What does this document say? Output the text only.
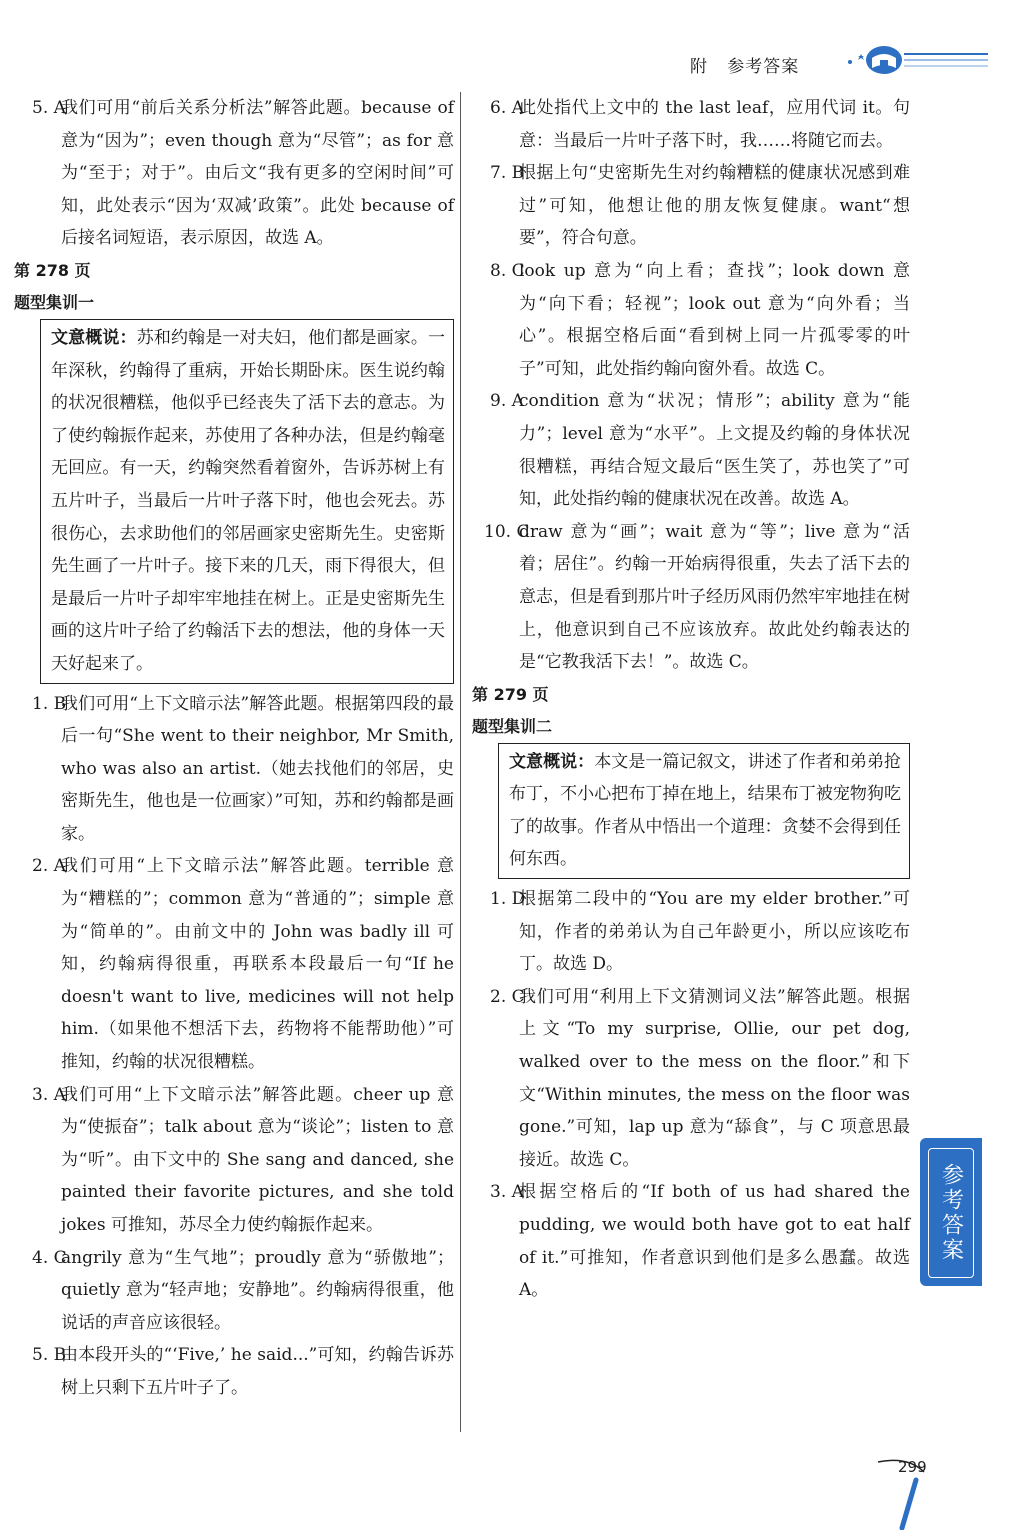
附 参考答案
5. A
我们可用“前后关系分析法”解答此题。because of 意为“因为”；even though 意为“尽管”；as for 意为“至于；对于”。由后文“我有更多的空闲时间”可知，此处表示“因为‘双减’政策”。此处 because of 后接名词短语，表示原因，故选 A。
第 278 页
题型集训一
文意概说：苏和约翰是一对夫妇，他们都是画家。一年深秋，约翰得了重病，开始长期卧床。医生说约翰的状况很糟糕，他似乎已经丧失了活下去的意志。为了使约翰振作起来，苏使用了各种办法，但是约翰毫无回应。有一天，约翰突然看着窗外，告诉苏树上有五片叶子，当最后一片叶子落下时，他也会死去。苏很伤心，去求助他们的邻居画家史密斯先生。史密斯先生画了一片叶子。接下来的几天，雨下得很大，但是最后一片叶子却牢牢地挂在树上。正是史密斯先生画的这片叶子给了约翰活下去的想法，他的身体一天天好起来了。
1. B
我们可用“上下文暗示法”解答此题。根据第四段的最后一句“She went to their neighbor, Mr Smith, who was also an artist.（她去找他们的邻居，史密斯先生，他也是一位画家）”可知，苏和约翰都是画家。
2. A
我们可用“上下文暗示法”解答此题。terrible 意为“糟糕的”；common 意为“普通的”；simple 意为“简单的”。由前文中的 John was badly ill 可知，约翰病得很重，再联系本段最后一句“If he doesn't want to live, medicines will not help him.（如果他不想活下去，药物将不能帮助他）”可推知，约翰的状况很糟糕。
3. A
我们可用“上下文暗示法”解答此题。cheer up 意为“使振奋”；talk about 意为“谈论”；listen to 意为“听”。由下文中的 She sang and danced, she painted their favorite pictures, and she told jokes 可推知，苏尽全力使约翰振作起来。
4. C
angrily 意为“生气地”；proudly 意为“骄傲地”；quietly 意为“轻声地；安静地”。约翰病得很重，他说话的声音应该很轻。
5. B
由本段开头的“‘Five,’ he said...”可知，约翰告诉苏树上只剩下五片叶子了。
6. A
此处指代上文中的 the last leaf，应用代词 it。句意：当最后一片叶子落下时，我……将随它而去。
7. B
根据上句“史密斯先生对约翰糟糕的健康状况感到难过”可知，他想让他的朋友恢复健康。want“想要”，符合句意。
8. C
look up 意为“向上看；查找”；look down 意为“向下看；轻视”；look out 意为“向外看；当心”。根据空格后面“看到树上同一片孤零零的叶子”可知，此处指约翰向窗外看。故选 C。
9. A
condition 意为“状况；情形”；ability 意为“能力”；level 意为“水平”。上文提及约翰的身体状况很糟糕，再结合短文最后“医生笑了，苏也笑了”可知，此处指约翰的健康状况在改善。故选 A。
10. C
draw 意为“画”；wait 意为“等”；live 意为“活着；居住”。约翰一开始病得很重，失去了活下去的意志，但是看到那片叶子经历风雨仍然牢牢地挂在树上，他意识到自己不应该放弃。故此处约翰表达的是“它教我活下去！”。故选 C。
第 279 页
题型集训二
文意概说：本文是一篇记叙文，讲述了作者和弟弟抢布丁，不小心把布丁掉在地上，结果布丁被宠物狗吃了的故事。作者从中悟出一个道理：贪婪不会得到任何东西。
1. D
根据第二段中的“You are my elder brother.”可知，作者的弟弟认为自己年龄更小，所以应该吃布丁。故选 D。
2. C
我们可用“利用上下文猜测词义法”解答此题。根据上文“To my surprise, Ollie, our pet dog, walked over to the mess on the floor.”和下文“Within minutes, the mess on the floor was gone.”可知，lap up 意为“舔食”，与 C 项意思最接近。故选 C。
3. A
根据空格后的“If both of us had shared the pudding, we would both have got to eat half of it.”可推知，作者意识到他们是多么愚蠢。故选 A。
参考答案
299
